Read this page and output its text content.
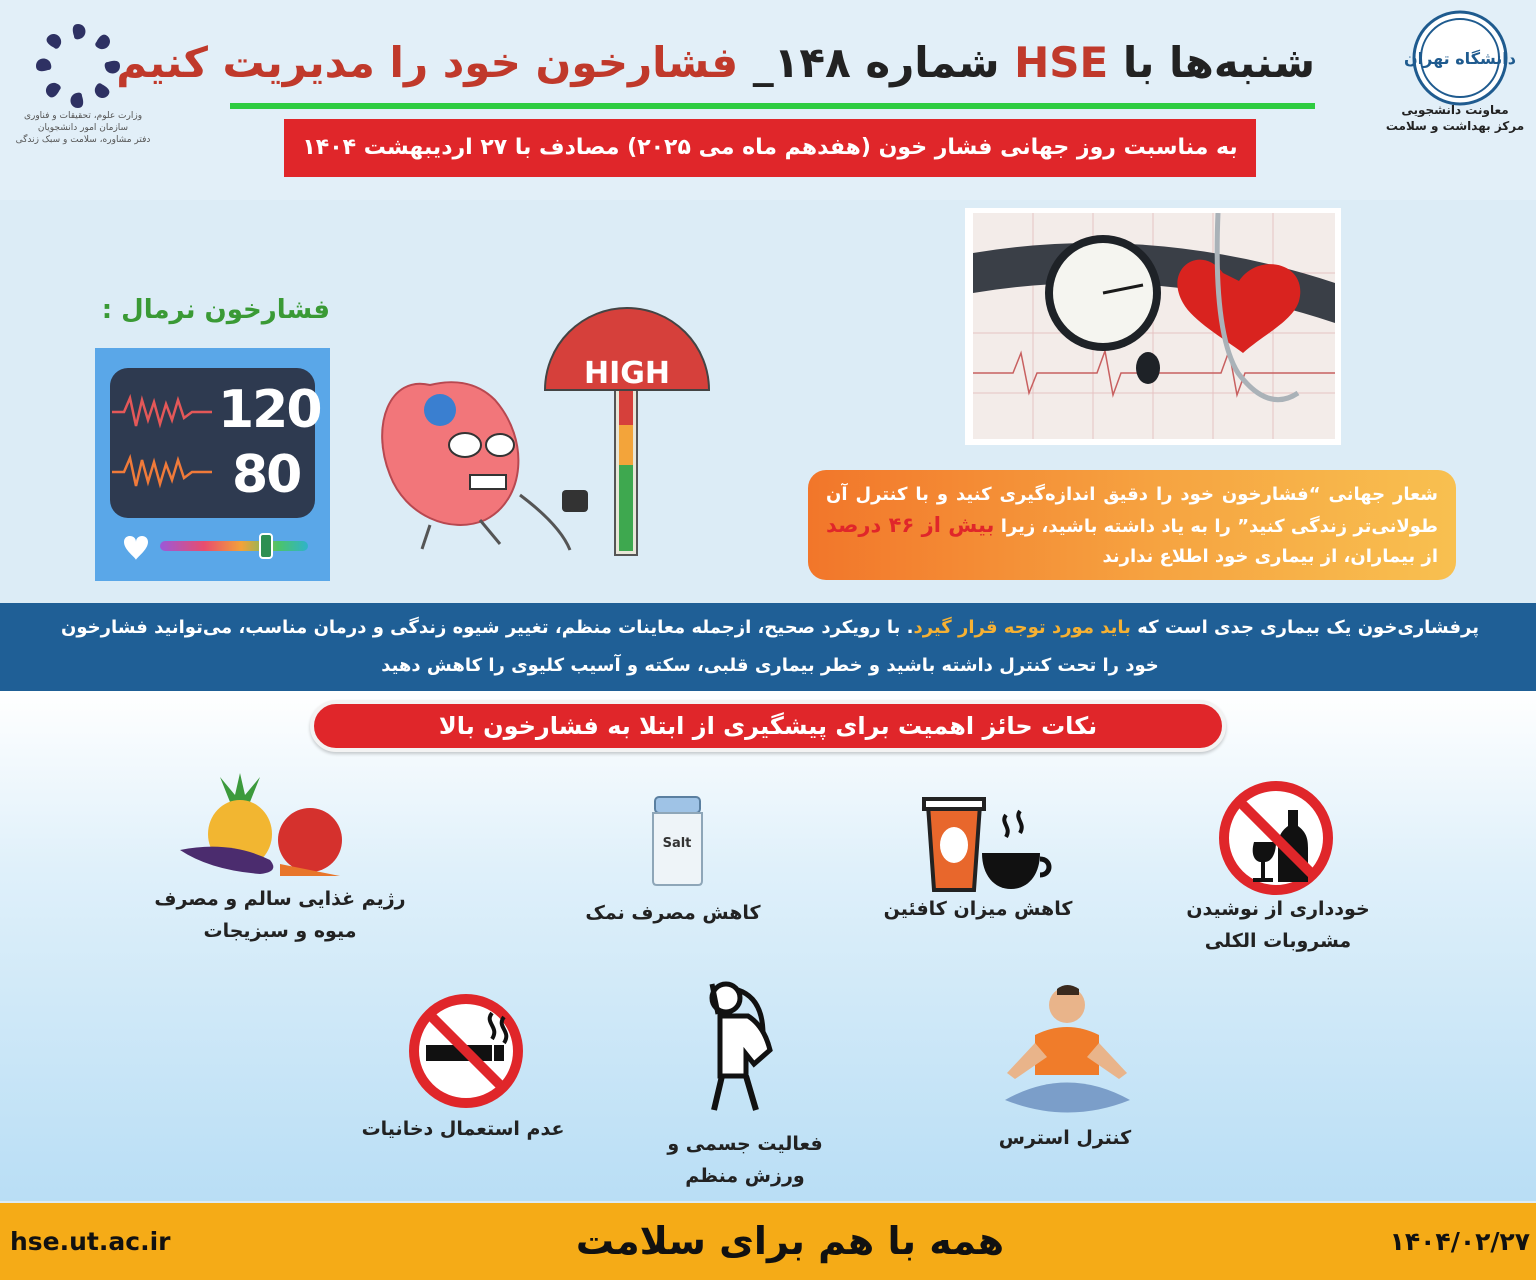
وزارت علوم، تحقیقات و فناوری
سازمان امور دانشجویان
دفتر مشاوره، سلامت و سبک زندگی
دانشگاه تهران
معاونت دانشجویی
مرکز بهداشت و سلامت
شنبه‌ها با HSE شماره ۱۴۸_ فشارخون خود را مدیریت کنیم
به مناسبت روز جهانی فشار خون (هفدهم ماه می ۲۰۲۵) مصادف با ۲۷ اردیبهشت ۱۴۰۴
فشارخون نرمال :
120
80
HIGH
شعار جهانی “فشارخون خود را دقیق اندازه‌گیری کنید و با کنترل آن طولانی‌تر زندگی کنید” را به یاد داشته باشید، زیرا بیش از ۴۶ درصد از بیماران، از بیماری خود اطلاع ندارند
پرفشاری‌خون یک بیماری جدی است که باید مورد توجه قرار گیرد. با رویکرد صحیح، ازجمله معاینات منظم، تغییر شیوه زندگی و درمان مناسب، می‌توانید فشارخون خود را تحت کنترل داشته باشید و خطر بیماری قلبی، سکته و آسیب کلیوی را کاهش دهید
نکات حائز اهمیت برای پیشگیری از ابتلا به فشارخون بالا
خودداری از نوشیدن
مشروبات الکلی
کاهش میزان کافئین
Salt
کاهش مصرف نمک
رژیم غذایی سالم و مصرف
میوه و سبزیجات
کنترل استرس
فعالیت جسمی و
ورزش منظم
عدم استعمال دخانیات
همه با هم برای سلامت
hse.ut.ac.ir	۱۴۰۴/۰۲/۲۷
